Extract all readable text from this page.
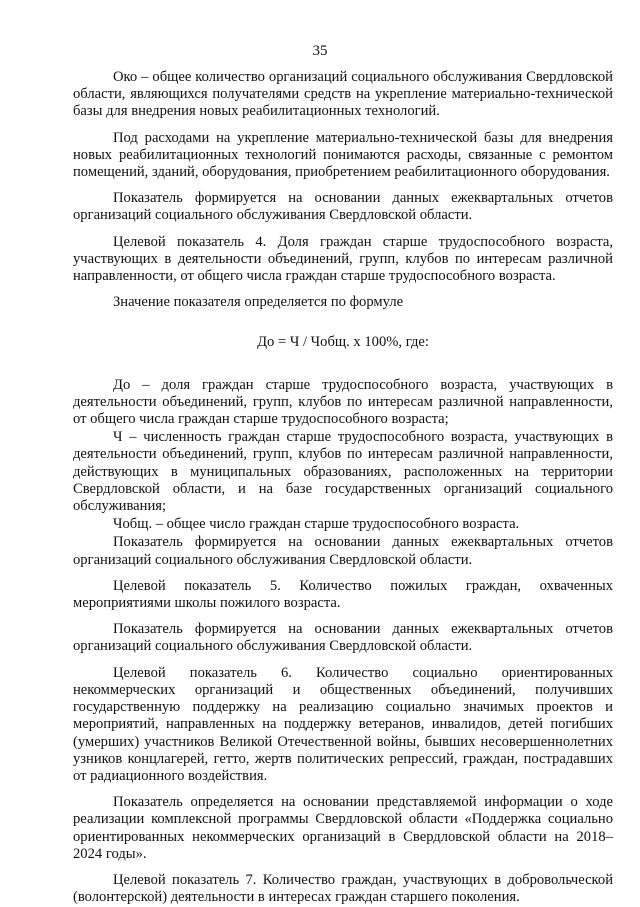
35

Око – общее количество организаций социального обслуживания Свердловской области, являющихся получателями средств на укрепление материально-технической базы для внедрения новых реабилитационных технологий.

Под расходами на укрепление материально-технической базы для внедрения новых реабилитационных технологий понимаются расходы, связанные с ремонтом помещений, зданий, оборудования, приобретением реабилитационного оборудования.

Показатель формируется на основании данных ежеквартальных отчетов организаций социального обслуживания Свердловской области.

Целевой показатель 4. Доля граждан старше трудоспособного возраста, участвующих в деятельности объединений, групп, клубов по интересам различной направленности, от общего числа граждан старше трудоспособного возраста.

Значение показателя определяется по формуле

До = Ч / Чобщ. х 100%, где:

До – доля граждан старше трудоспособного возраста, участвующих в деятельности объединений, групп, клубов по интересам различной направленности, от общего числа граждан старше трудоспособного возраста;

Ч – численность граждан старше трудоспособного возраста, участвующих в деятельности объединений, групп, клубов по интересам различной направленности, действующих в муниципальных образованиях, расположенных на территории Свердловской области, и на базе государственных организаций социального обслуживания;

Чобщ. – общее число граждан старше трудоспособного возраста.

Показатель формируется на основании данных ежеквартальных отчетов организаций социального обслуживания Свердловской области.

Целевой показатель 5. Количество пожилых граждан, охваченных мероприятиями школы пожилого возраста.

Показатель формируется на основании данных ежеквартальных отчетов организаций социального обслуживания Свердловской области.

Целевой показатель 6. Количество социально ориентированных некоммерческих организаций и общественных объединений, получивших государственную поддержку на реализацию социально значимых проектов и мероприятий, направленных на поддержку ветеранов, инвалидов, детей погибших (умерших) участников Великой Отечественной войны, бывших несовершеннолетних узников концлагерей, гетто, жертв политических репрессий, граждан, пострадавших от радиационного воздействия.

Показатель определяется на основании представляемой информации о ходе реализации комплексной программы Свердловской области «Поддержка социально ориентированных некоммерческих организаций в Свердловской области на 2018–2024 годы».

Целевой показатель 7. Количество граждан, участвующих в добровольческой (волонтерской) деятельности в интересах граждан старшего поколения.
